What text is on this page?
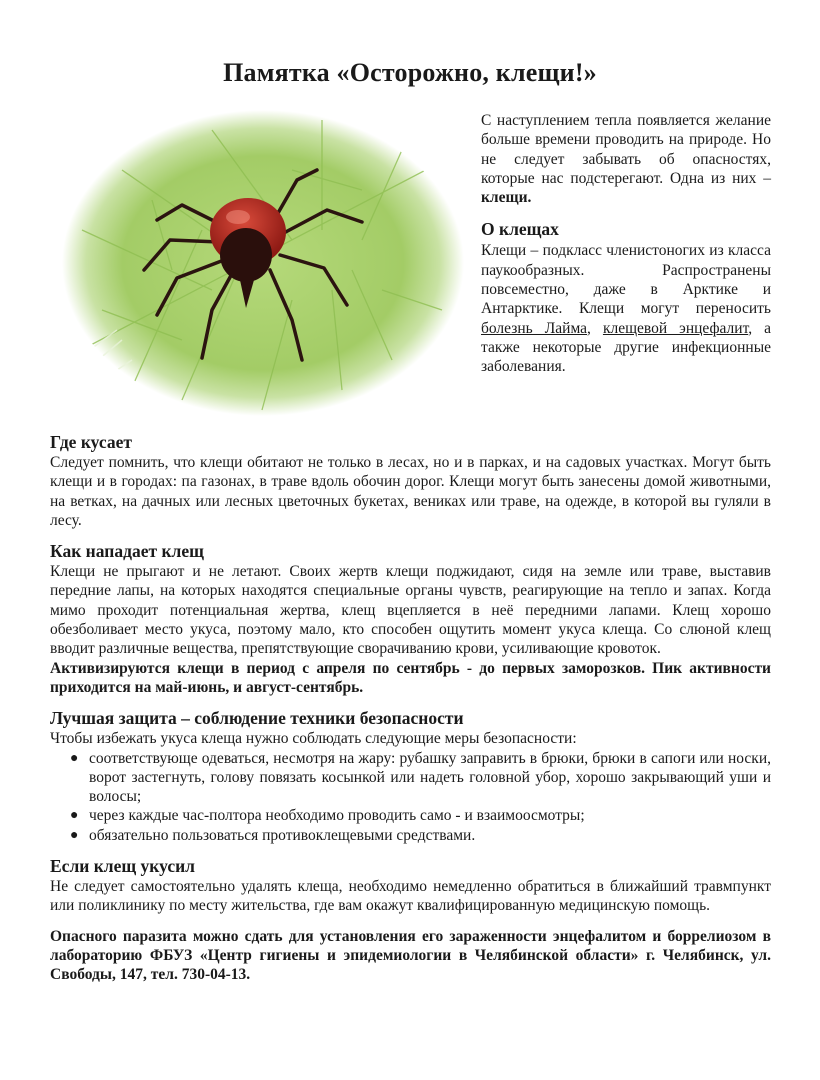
Памятка «Осторожно, клещи!»

С наступлением тепла появляется желание больше времени проводить на природе. Но не следует забывать об опасностях, которые нас подстерегают. Одна из них – клещи.

О клещах

Клещи – подкласс членистоногих из класса паукообразных. Распространены повсеместно, даже в Арктике и Антарктике. Клещи могут переносить болезнь Лайма, клещевой энцефалит, а также некоторые другие инфекционные заболевания.

Где кусает

Следует помнить, что клещи обитают не только в лесах, но и в парках, и на садовых участках. Могут быть клещи и в городах: па газонах, в траве вдоль обочин дорог. Клещи могут быть занесены домой животными, на ветках, на дачных или лесных цветочных букетах, вениках или траве, на одежде, в которой вы гуляли в лесу.

Как нападает клещ

Клещи не прыгают и не летают. Своих жертв клещи поджидают, сидя на земле или траве, выставив передние лапы, на которых находятся специальные органы чувств, реагирующие на тепло и запах. Когда мимо проходит потенциальная жертва, клещ вцепляется в неё передними лапами. Клещ хорошо обезболивает место укуса, поэтому мало, кто способен ощутить момент укуса клеща. Со слюной клещ вводит различные вещества, препятствующие сворачиванию крови, усиливающие кровоток.

Активизируются клещи в период с апреля по сентябрь - до первых заморозков. Пик активности приходится на май-июнь, и август-сентябрь.

Лучшая защита – соблюдение техники безопасности

Чтобы избежать укуса клеща нужно соблюдать следующие меры безопасности:

● соответствующе одеваться, несмотря на жару: рубашку заправить в брюки, брюки в сапоги или носки, ворот застегнуть, голову повязать косынкой или надеть головной убор, хорошо закрывающий уши и волосы;
● через каждые час-полтора необходимо проводить само - и взаимоосмотры;
● обязательно пользоваться противоклещевыми средствами.
Если клещ укусил

Не следует самостоятельно удалять клеща, необходимо немедленно обратиться в ближайший травмпункт или поликлинику по месту жительства, где вам окажут квалифицированную медицинскую помощь.

Опасного паразита можно сдать для установления его зараженности энцефалитом и боррелиозом в лабораторию ФБУЗ «Центр гигиены и эпидемиологии в Челябинской области» г. Челябинск, ул. Свободы, 147, тел. 730-04-13.
